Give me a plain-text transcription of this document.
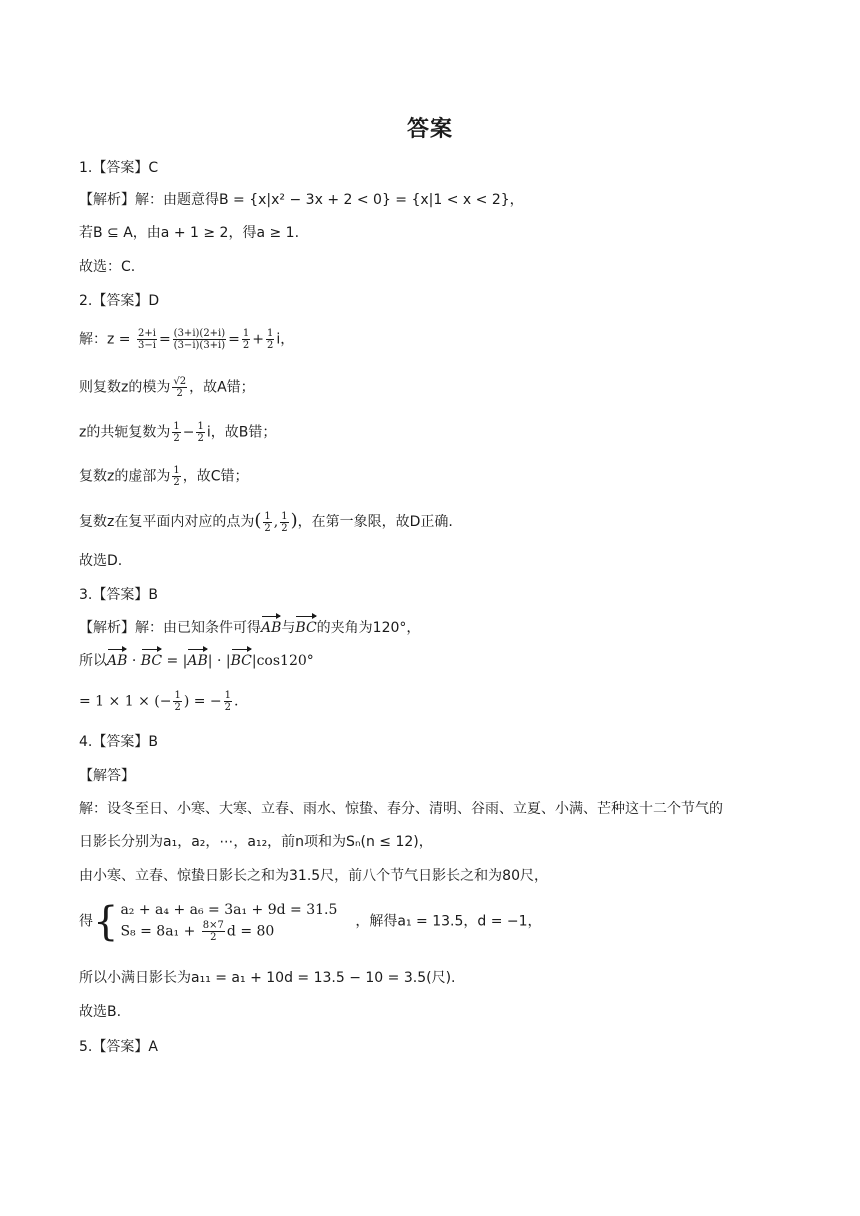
答案
1.【答案】C
【解析】解：由题意得B = {x|x² − 3x + 2 < 0} = {x|1 < x < 2}，
若B ⊆ A，由a + 1 ≥ 2，得a ≥ 1.
故选：C.
2.【答案】D
解：$z = \frac{2+i}{3-i} = \frac{(3+i)(2+i)}{(3-i)(3+i)} = \frac{1}{2} + \frac{1}{2}$ i，
则复数z的模为 $\frac{√2}{2}$ ，故A错；
z的共轭复数为 $\frac{1}{2} - \frac{1}{2}$ i，故B错；
复数z的虚部为 $\frac{1}{2}$ ，故C错；
复数z在复平面内对应的点为( $\frac{1}{2}$ , $\frac{1}{2}$ )，在第一象限，故D正确.
故选D.
3.【答案】B
【解析】解：由已知条件可得AB与BC的夹角为120°，
所以AB · BC = |AB| · |BC|cos120°
= 1 × 1 × (− $\frac{1}{2}$ ) = − $\frac{1}{2}$ .
4.【答案】B
【解答】
解：设冬至日、小寒、大寒、立春、雨水、惊蛰、春分、清明、谷雨、立夏、小满、芒种这十二个节气的
日影长分别为a₁，a₂，⋯，a₁₂，前n项和为Sₙ(n ≤ 12)，
由小寒、立春、惊蛰日影长之和为31.5尺，前八个节气日影长之和为80尺，
得{ a₂ + a₄ + a₆ = 3a₁ + 9d = 31.5
$S_8 = 8a_1 + \frac{8\times 7}{2}$ d = 80
，解得a₁ = 13.5，d = −1，
所以小满日影长为a₁₁ = a₁ + 10d = 13.5 − 10 = 3.5(尺).
故选B.
5.【答案】A
